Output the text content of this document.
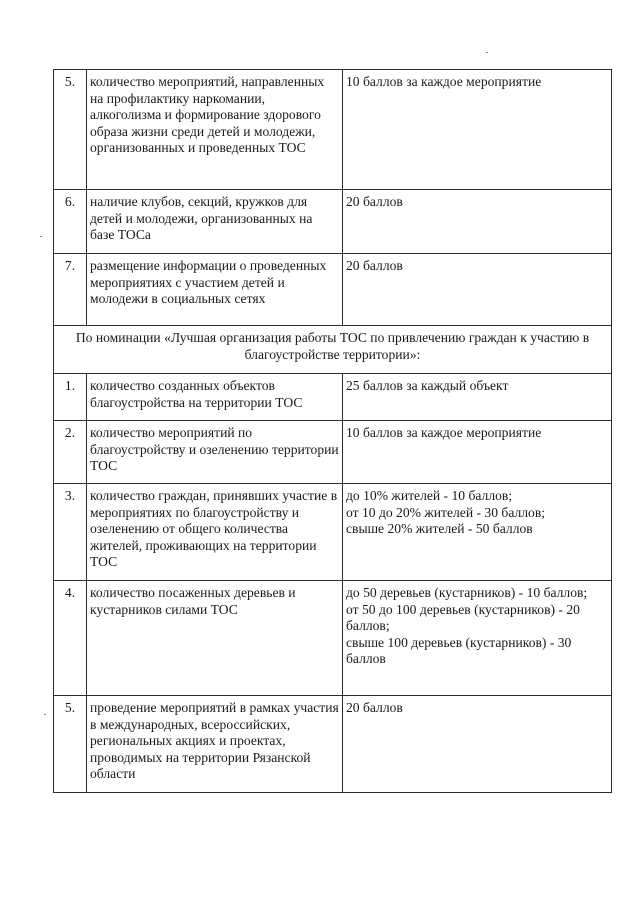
5.	количество мероприятий, направленных на профилактику наркомании, алкоголизма и формирование здорового образа жизни среди детей и молодежи, организованных и проведенных ТОС	10 баллов за каждое мероприятие
6.	наличие клубов, секций, кружков для детей и молодежи, организованных на базе ТОСа	20 баллов
7.	размещение информации о проведенных мероприятиях с участием детей и молодежи в социальных сетях	20 баллов
По номинации «Лучшая организация работы ТОС по привлечению граждан к участию в благоустройстве территории»:		
1.	количество созданных объектов благоустройства на территории ТОС	25 баллов за каждый объект
2.	количество мероприятий по благоустройству и озеленению территории ТОС	10 баллов за каждое мероприятие
3.	количество граждан, принявших участие в мероприятиях по благоустройству и озеленению от общего количества жителей, проживающих на территории ТОС	до 10% жителей - 10 баллов;
от 10 до 20% жителей - 30 баллов;
свыше 20% жителей - 50 баллов
4.	количество посаженных деревьев и кустарников силами ТОС	до 50 деревьев (кустарников) - 10 баллов;
от 50 до 100 деревьев (кустарников) - 20 баллов;
свыше 100 деревьев (кустарников) - 30 баллов
5.	проведение мероприятий в рамках участия в международных, всероссийских, региональных акциях и проектах, проводимых на территории Рязанской области	20 баллов
